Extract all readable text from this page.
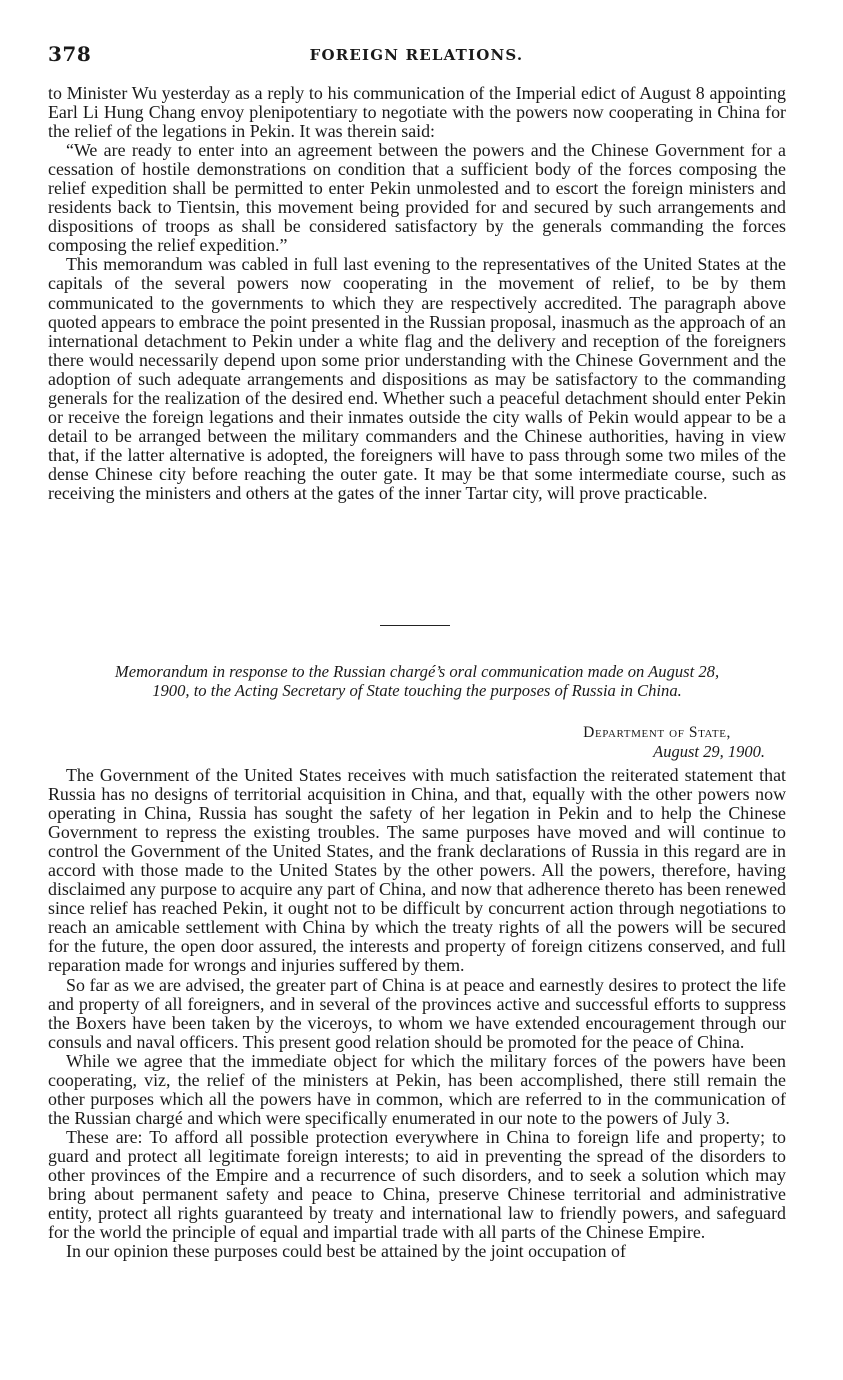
378	FOREIGN RELATIONS.

to Minister Wu yesterday as a reply to his communication of the Imperial edict of August 8 appointing Earl Li Hung Chang envoy plenipotentiary to negotiate with the powers now cooperating in China for the relief of the legations in Pekin. It was therein said:

“We are ready to enter into an agreement between the powers and the Chinese Government for a cessation of hostile demonstrations on condition that a sufficient body of the forces composing the relief expedition shall be permitted to enter Pekin unmolested and to escort the foreign ministers and residents back to Tientsin, this movement being provided for and secured by such arrangements and dispositions of troops as shall be considered satisfactory by the generals commanding the forces composing the relief expedition.”

This memorandum was cabled in full last evening to the representatives of the United States at the capitals of the several powers now cooperating in the movement of relief, to be by them communicated to the governments to which they are respectively accredited. The paragraph above quoted appears to embrace the point presented in the Russian proposal, inasmuch as the approach of an international detachment to Pekin under a white flag and the delivery and reception of the foreigners there would necessarily depend upon some prior understanding with the Chinese Government and the adoption of such adequate arrangements and dispositions as may be satisfactory to the commanding generals for the realization of the desired end. Whether such a peaceful detachment should enter Pekin or receive the foreign legations and their inmates outside the city walls of Pekin would appear to be a detail to be arranged between the military commanders and the Chinese authorities, having in view that, if the latter alternative is adopted, the foreigners will have to pass through some two miles of the dense Chinese city before reaching the outer gate. It may be that some intermediate course, such as receiving the ministers and others at the gates of the inner Tartar city, will prove practicable.

Memorandum in response to the Russian chargé’s oral communication made on August 28,
1900, to the Acting Secretary of State touching the purposes of Russia in China.
Department of State,
August 29, 1900.

The Government of the United States receives with much satisfaction the reiterated statement that Russia has no designs of territorial acquisition in China, and that, equally with the other powers now operating in China, Russia has sought the safety of her legation in Pekin and to help the Chinese Government to repress the existing troubles. The same purposes have moved and will continue to control the Government of the United States, and the frank declarations of Russia in this regard are in accord with those made to the United States by the other powers. All the powers, therefore, having disclaimed any purpose to acquire any part of China, and now that adherence thereto has been renewed since relief has reached Pekin, it ought not to be difficult by concurrent action through negotiations to reach an amicable settlement with China by which the treaty rights of all the powers will be secured for the future, the open door assured, the interests and property of foreign citizens conserved, and full reparation made for wrongs and injuries suffered by them.

So far as we are advised, the greater part of China is at peace and earnestly desires to protect the life and property of all foreigners, and in several of the provinces active and successful efforts to suppress the Boxers have been taken by the viceroys, to whom we have extended encouragement through our consuls and naval officers. This present good relation should be promoted for the peace of China.

While we agree that the immediate object for which the military forces of the powers have been cooperating, viz, the relief of the ministers at Pekin, has been accomplished, there still remain the other purposes which all the powers have in common, which are referred to in the communication of the Russian chargé and which were specifically enumerated in our note to the powers of July 3.

These are: To afford all possible protection everywhere in China to foreign life and property; to guard and protect all legitimate foreign interests; to aid in preventing the spread of the disorders to other provinces of the Empire and a recurrence of such disorders, and to seek a solution which may bring about permanent safety and peace to China, preserve Chinese territorial and administrative entity, protect all rights guaranteed by treaty and international law to friendly powers, and safeguard for the world the principle of equal and impartial trade with all parts of the Chinese Empire.

In our opinion these purposes could best be attained by the joint occupation of
